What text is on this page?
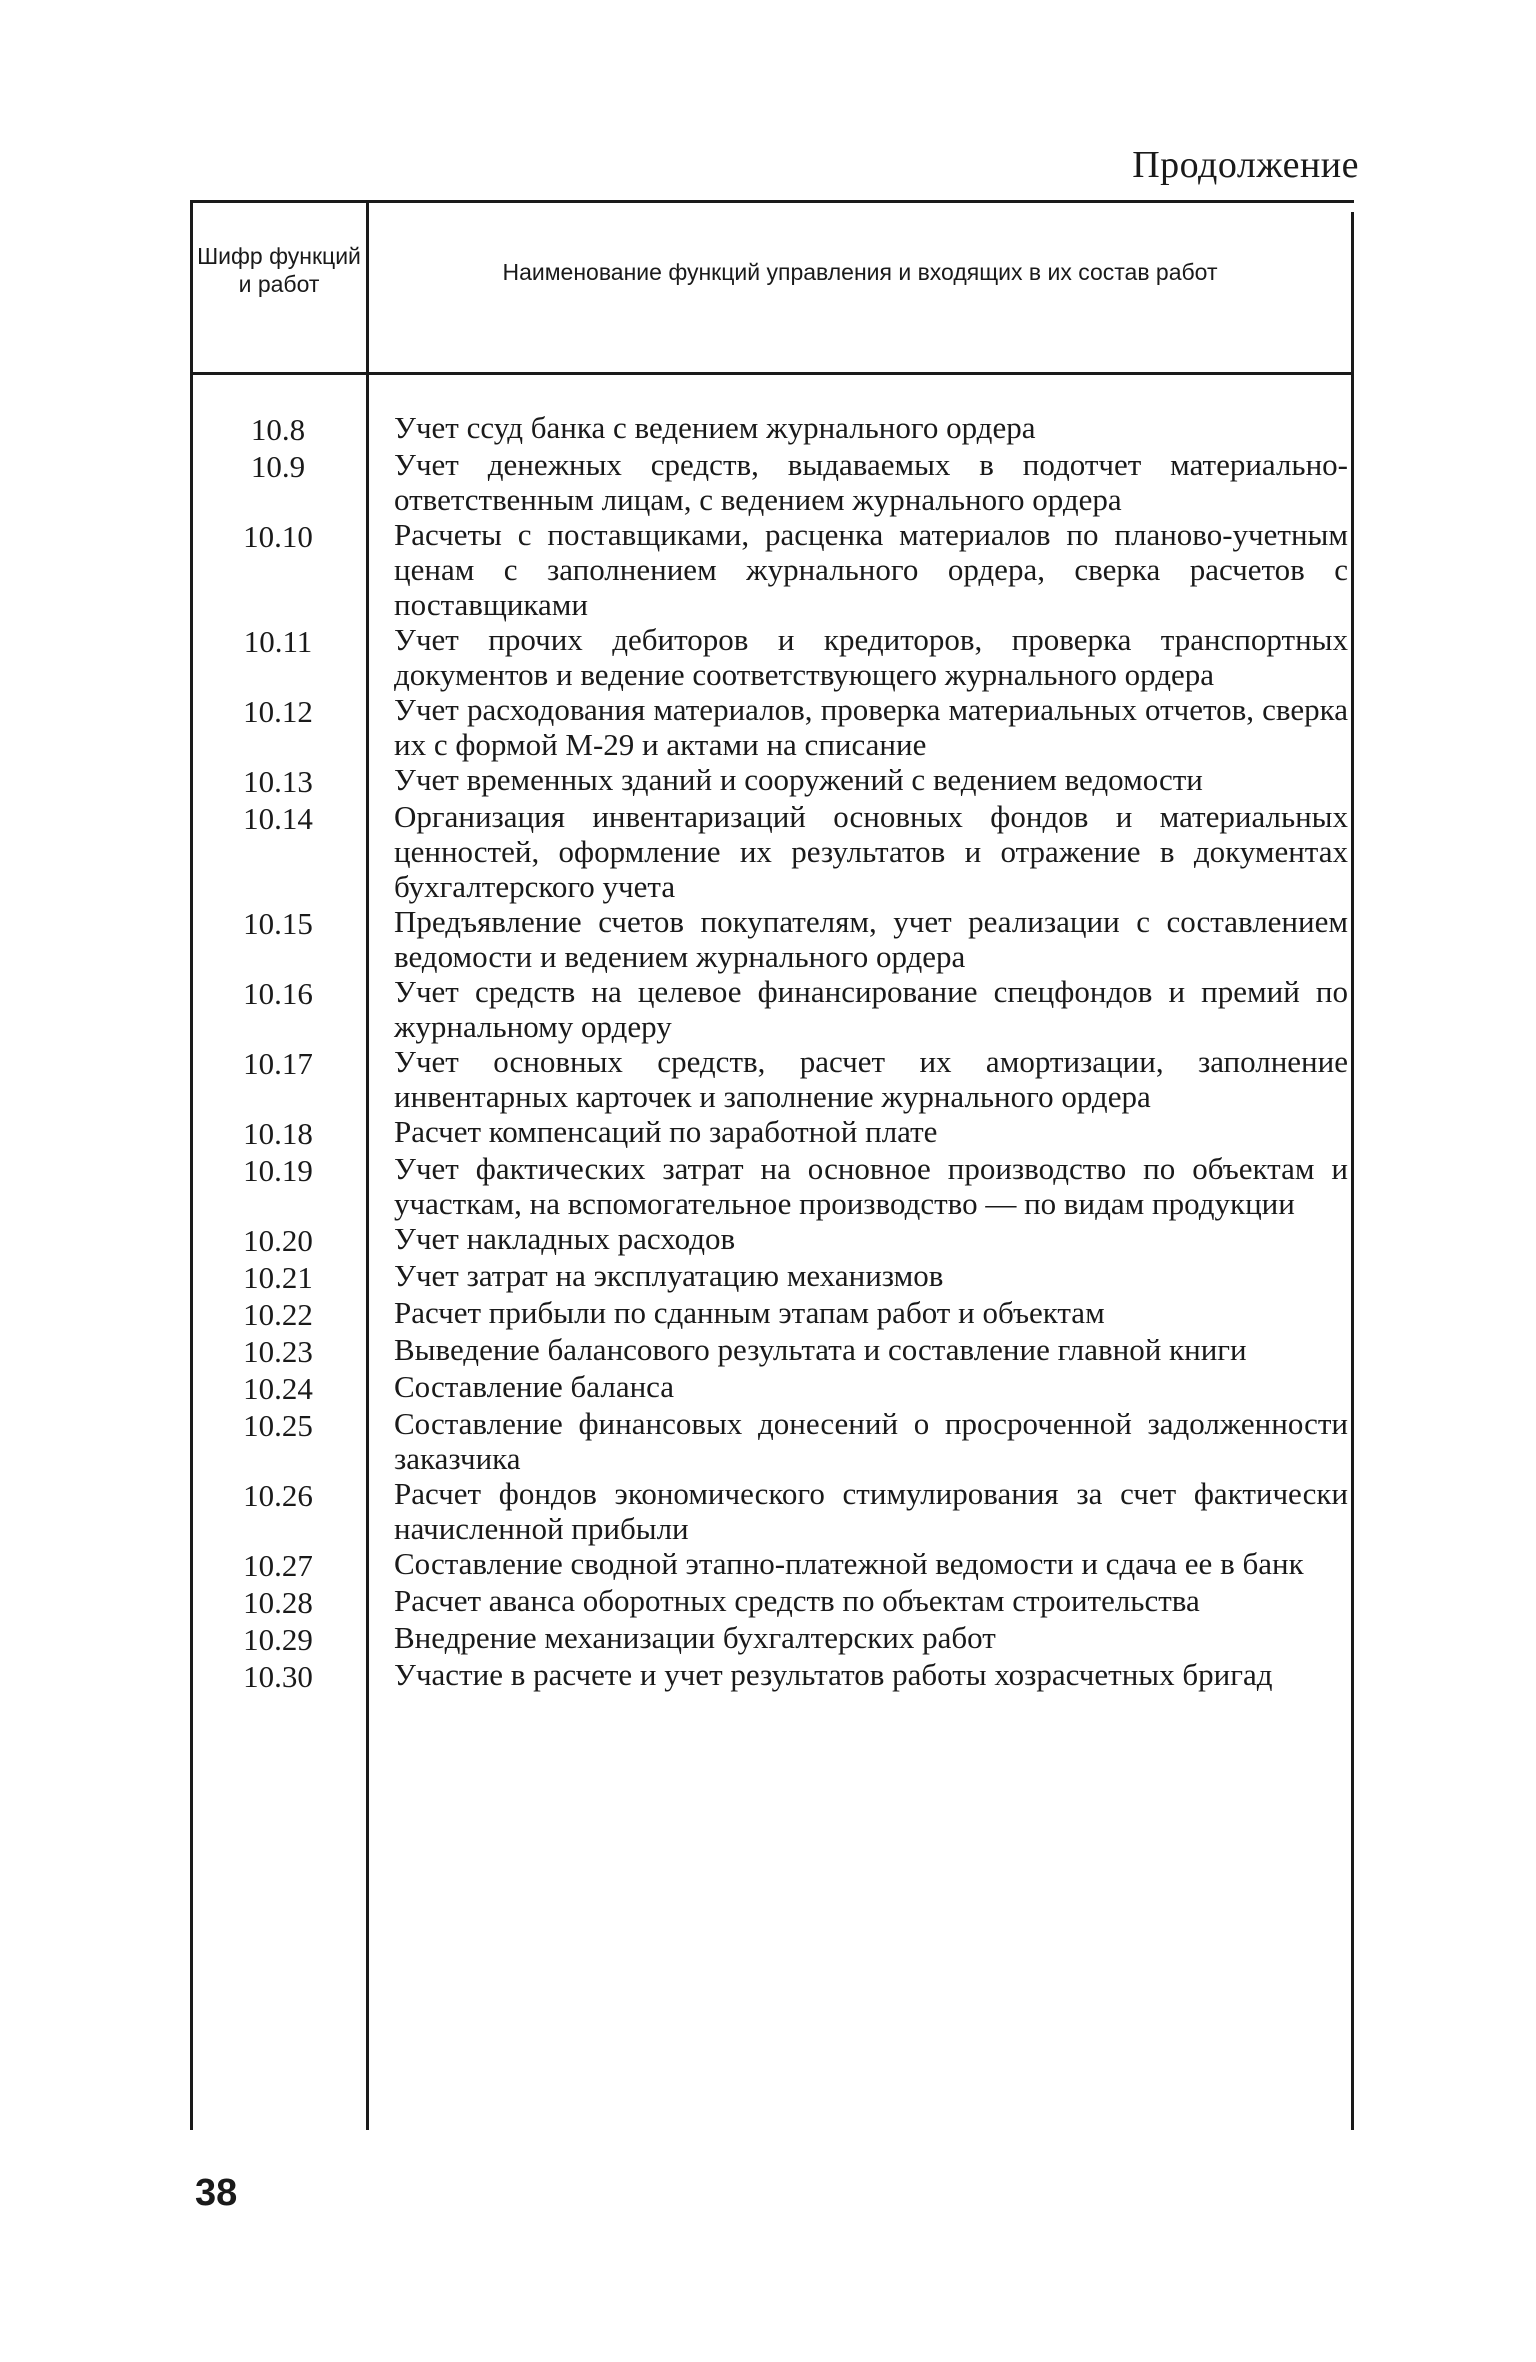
Продолжение
Шифр функций и работ	Наименование функций управления и входящих в их состав работ
10.8	Учет ссуд банка с ведением журнального ордера
10.9	Учет денежных средств, выдаваемых в подотчет материально-ответственным лицам, с ведением журнального ордера
10.10	Расчеты с поставщиками, расценка материалов по планово-учетным ценам с заполнением журнального ордера, сверка расчетов с поставщиками
10.11	Учет прочих дебиторов и кредиторов, проверка транспортных документов и ведение соответствующего журнального ордера
10.12	Учет расходования материалов, проверка материальных отчетов, сверка их с формой М-29 и актами на списание
10.13	Учет временных зданий и сооружений с ведением ведомости
10.14	Организация инвентаризаций основных фондов и материальных ценностей, оформление их результатов и отражение в документах бухгалтерского учета
10.15	Предъявление счетов покупателям, учет реализации с составлением ведомости и ведением журнального ордера
10.16	Учет средств на целевое финансирование спецфондов и премий по журнальному ордеру
10.17	Учет основных средств, расчет их амортизации, заполнение инвентарных карточек и заполнение журнального ордера
10.18	Расчет компенсаций по заработной плате
10.19	Учет фактических затрат на основное производство по объектам и участкам, на вспомогательное производство — по видам продукции
10.20	Учет накладных расходов
10.21	Учет затрат на эксплуатацию механизмов
10.22	Расчет прибыли по сданным этапам работ и объектам
10.23	Выведение балансового результата и составление главной книги
10.24	Составление баланса
10.25	Составление финансовых донесений о просроченной задолженности заказчика
10.26	Расчет фондов экономического стимулирования за счет фактически начисленной прибыли
10.27	Составление сводной этапно-платежной ведомости и сдача ее в банк
10.28	Расчет аванса оборотных средств по объектам строительства
10.29	Внедрение механизации бухгалтерских работ
10.30	Участие в расчете и учет результатов работы хозрасчетных бригад
38
